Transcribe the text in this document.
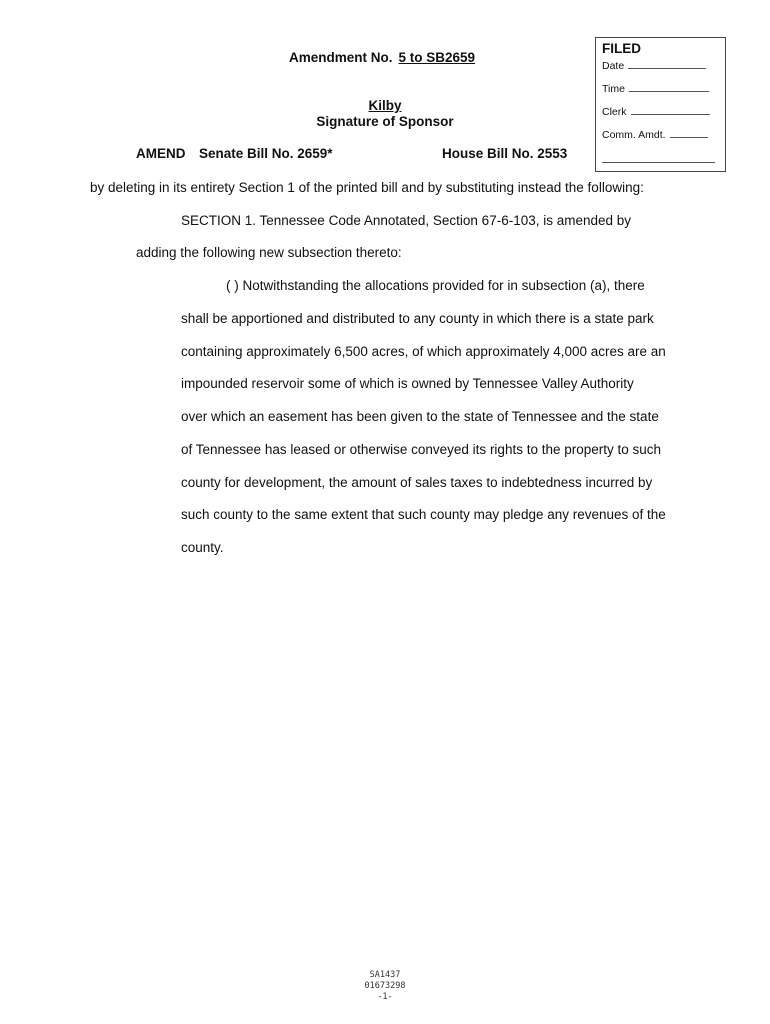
Amendment No. 5 to SB2659
Kilby
Signature of Sponsor
AMEND Senate Bill No. 2659*	House Bill No. 2553
FILED
Date
Time
Clerk
Comm. Amdt.
by deleting in its entirety Section 1 of the printed bill and by substituting instead the following:
SECTION 1. Tennessee Code Annotated, Section 67-6-103, is amended by
adding the following new subsection thereto:
( ) Notwithstanding the allocations provided for in subsection (a), there
shall be apportioned and distributed to any county in which there is a state park
containing approximately 6,500 acres, of which approximately 4,000 acres are an
impounded reservoir some of which is owned by Tennessee Valley Authority
over which an easement has been given to the state of Tennessee and the state
of Tennessee has leased or otherwise conveyed its rights to the property to such
county for development, the amount of sales taxes to indebtedness incurred by
such county to the same extent that such county may pledge any revenues of the
county.
SA1437
01673298
-1-
